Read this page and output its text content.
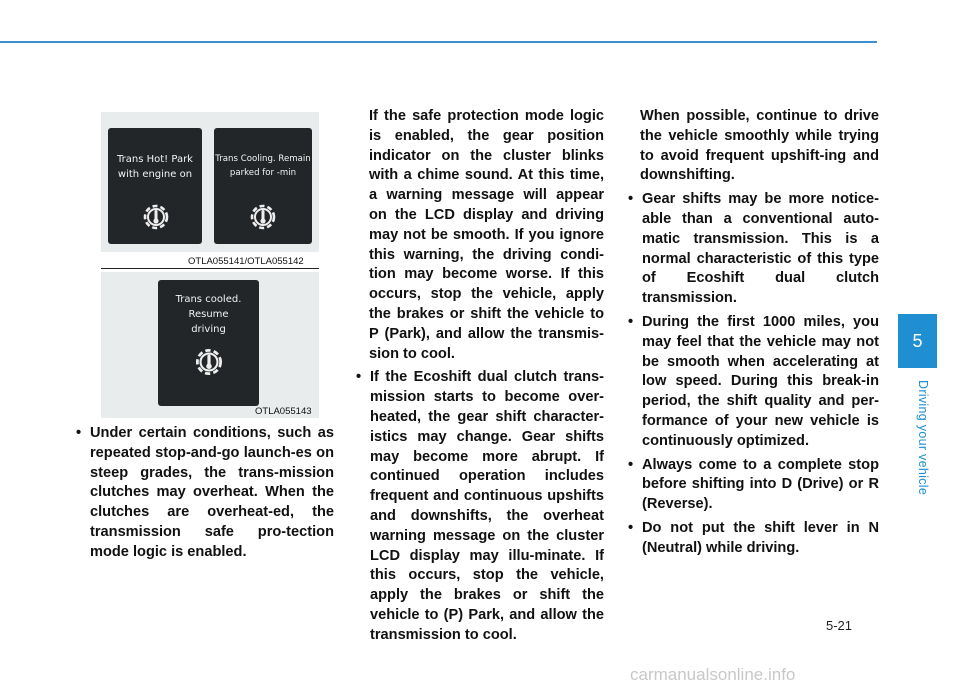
Trans Hot! Park
with engine on
Trans Cooling. Remain
parked for -min
OTLA055141/OTLA055142
Trans cooled. Resume
driving
OTLA055143
• Under certain conditions, such as repeated stop-and-go launch-es on steep grades, the trans-mission clutches may overheat. When the clutches are overheat-ed, the transmission safe pro-tection mode logic is enabled.

If the safe protection mode logic is enabled, the gear position indicator on the cluster blinks with a chime sound. At this time, a warning message will appear on the LCD display and driving may not be smooth. If you ignore this warning, the driving condi-tion may become worse. If this occurs, stop the vehicle, apply the brakes or shift the vehicle to P (Park), and allow the transmis-sion to cool.

• If the Ecoshift dual clutch trans-mission starts to become over-heated, the gear shift character-istics may change. Gear shifts may become more abrupt. If continued operation includes frequent and continuous upshifts and downshifts, the overheat warning message on the cluster LCD display may illu-minate. If this occurs, stop the vehicle, apply the brakes or shift the vehicle to (P) Park, and allow the transmission to cool.

When possible, continue to drive the vehicle smoothly while trying to avoid frequent upshift-ing and downshifting.

• Gear shifts may be more notice-able than a conventional auto-matic transmission. This is a normal characteristic of this type of Ecoshift dual clutch transmission.
• During the first 1000 miles, you may feel that the vehicle may not be smooth when accelerating at low speed. During this break-in period, the shift quality and per-formance of your new vehicle is continuously optimized.
• Always come to a complete stop before shifting into D (Drive) or R (Reverse).
• Do not put the shift lever in N (Neutral) while driving.
5
Driving your vehicle
5-21
carmanualsonline.info
